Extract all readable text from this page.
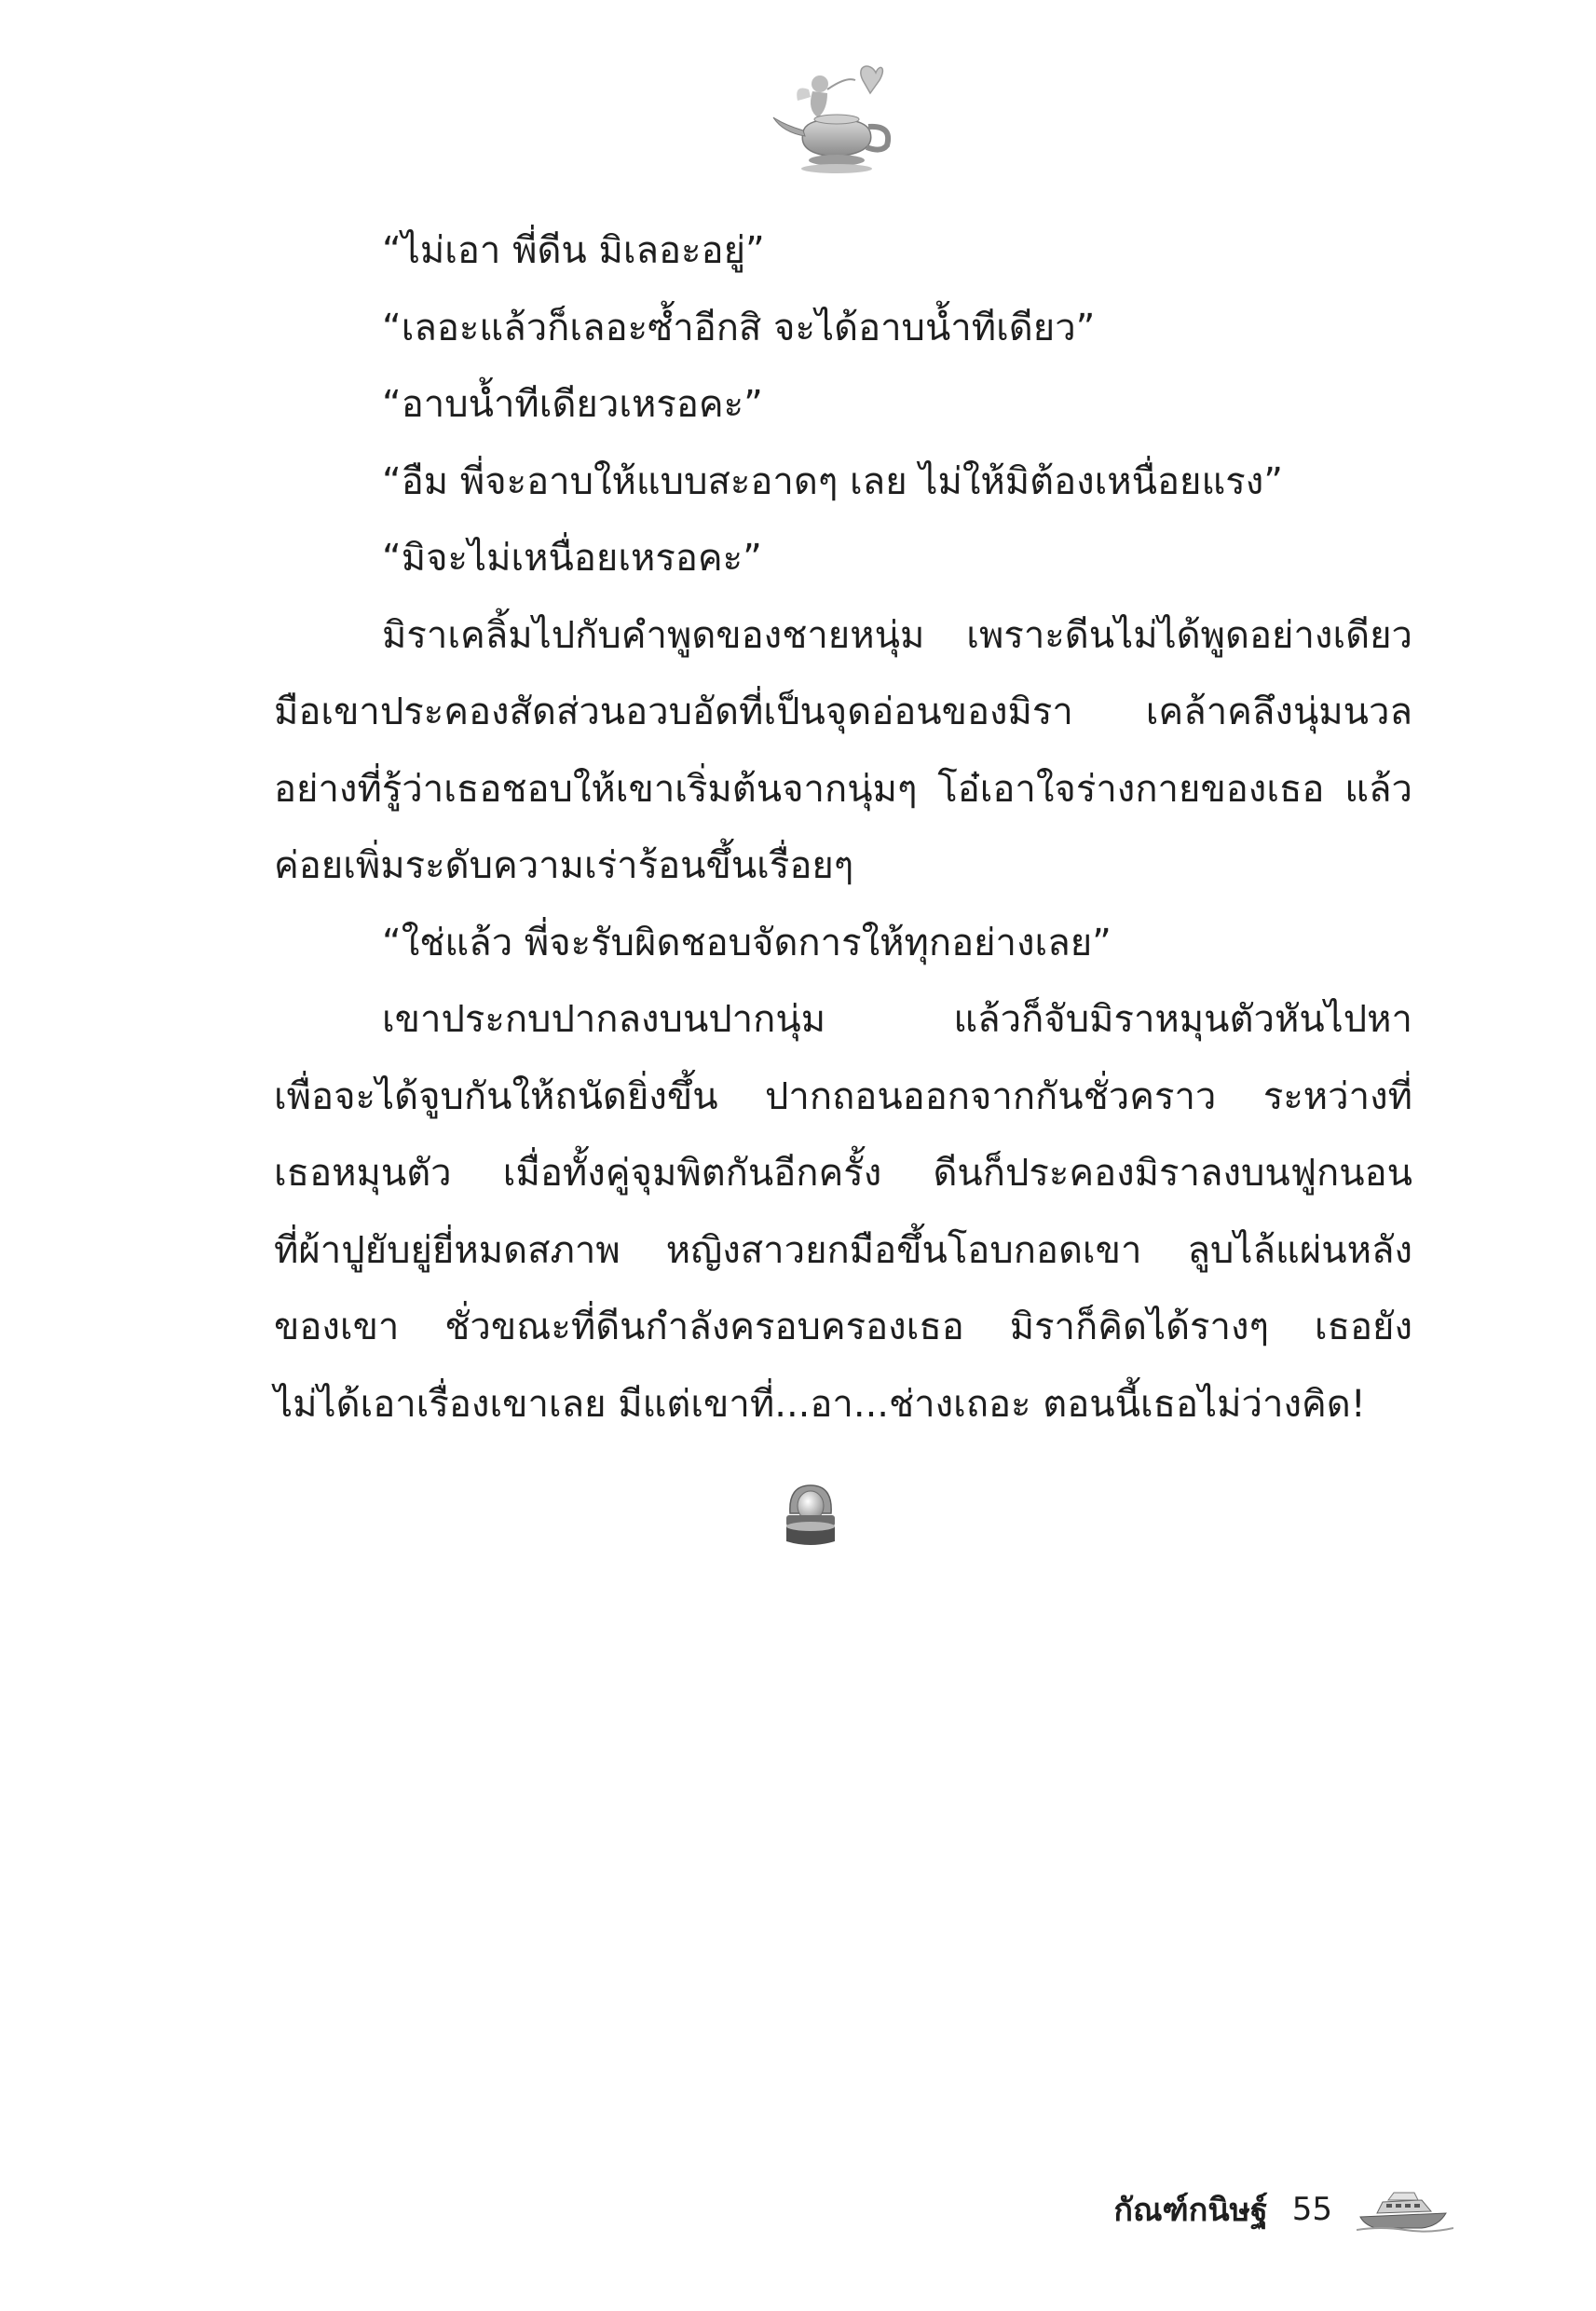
“ไม่เอา พี่ดีน มิเลอะอยู่”
“เลอะแล้วก็เลอะซ้ำอีกสิ จะได้อาบน้ำทีเดียว”
“อาบน้ำทีเดียวเหรอคะ”
“อืม พี่จะอาบให้แบบสะอาดๆ เลย ไม่ให้มิต้องเหนื่อยแรง”
“มิจะไม่เหนื่อยเหรอคะ”
มิราเคลิ้มไปกับคำพูดของชายหนุ่ม เพราะดีนไม่ได้พูดอย่างเดียว
มือเขาประคองสัดส่วนอวบอัดที่เป็นจุดอ่อนของมิรา เคล้าคลึงนุ่มนวล
อย่างที่รู้ว่าเธอชอบให้เขาเริ่มต้นจากนุ่มๆ โอ๋เอาใจร่างกายของเธอ แล้ว
ค่อยเพิ่มระดับความเร่าร้อนขึ้นเรื่อยๆ
“ใช่แล้ว พี่จะรับผิดชอบจัดการให้ทุกอย่างเลย”
เขาประกบปากลงบนปากนุ่ม แล้วก็จับมิราหมุนตัวหันไปหา
เพื่อจะได้จูบกันให้ถนัดยิ่งขึ้น ปากถอนออกจากกันชั่วคราว ระหว่างที่
เธอหมุนตัว เมื่อทั้งคู่จุมพิตกันอีกครั้ง ดีนก็ประคองมิราลงบนฟูกนอน
ที่ผ้าปูยับยู่ยี่หมดสภาพ หญิงสาวยกมือขึ้นโอบกอดเขา ลูบไล้แผ่นหลัง
ของเขา ชั่วขณะที่ดีนกำลังครอบครองเธอ มิราก็คิดได้รางๆ เธอยัง
ไม่ได้เอาเรื่องเขาเลย มีแต่เขาที่...อา...ช่างเถอะ ตอนนี้เธอไม่ว่างคิด!
กัณฑ์กนิษฐ์ 55
